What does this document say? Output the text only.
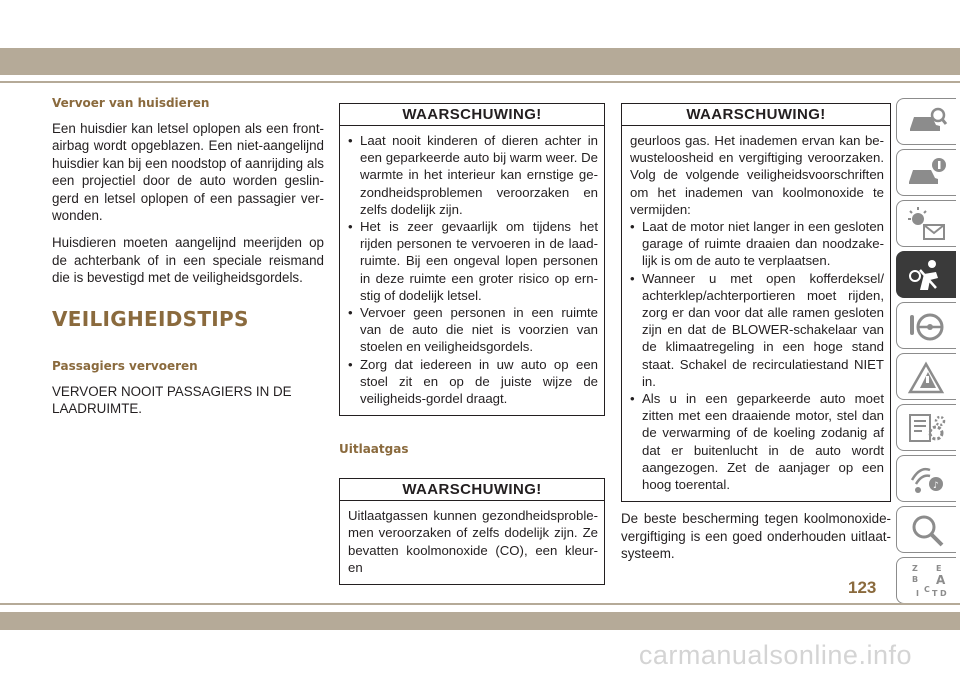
Vervoer van huisdieren

Een huisdier kan letsel oplopen als een front-airbag wordt opgeblazen. Een niet-aangelijnd huisdier kan bij een noodstop of aanrijding als een projectiel door de auto worden geslin-gerd en letsel oplopen of een passagier ver-wonden.

Huisdieren moeten aangelijnd meerijden op de achterbank of in een speciale reismand die is bevestigd met de veiligheidsgordels.

VEILIGHEIDSTIPS
Passagiers vervoeren

VERVOER NOOIT PASSAGIERS IN DE LAADRUIMTE.

WAARSCHUWING!
• Laat nooit kinderen of dieren achter in een geparkeerde auto bij warm weer. De warmte in het interieur kan ernstige ge-zondheidsproblemen veroorzaken en zelfs dodelijk zijn.
• Het is zeer gevaarlijk om tijdens het rijden personen te vervoeren in de laad-ruimte. Bij een ongeval lopen personen in deze ruimte een groter risico op ern-stig of dodelijk letsel.
• Vervoer geen personen in een ruimte van de auto die niet is voorzien van stoelen en veiligheidsgordels.
• Zorg dat iedereen in uw auto op een stoel zit en op de juiste wijze de veiligheids-gordel draagt.
Uitlaatgas
WAARSCHUWING!

Uitlaatgassen kunnen gezondheidsproble-men veroorzaken of zelfs dodelijk zijn. Ze bevatten koolmonoxide (CO), een kleur- en

WAARSCHUWING!

geurloos gas. Het inademen ervan kan be-wusteloosheid en vergiftiging veroorzaken. Volg de volgende veiligheidsvoorschriften om het inademen van koolmonoxide te vermijden:

• Laat de motor niet langer in een gesloten garage of ruimte draaien dan noodzake-lijk is om de auto te verplaatsen.
• Wanneer u met open kofferdeksel/ achterklep/achterportieren moet rijden, zorg er dan voor dat alle ramen gesloten zijn en dat de BLOWER-schakelaar van de klimaatregeling in een hoge stand staat. Schakel de recirculatiestand NIET in.
• Als u in een geparkeerde auto moet zitten met een draaiende motor, stel dan de verwarming of de koeling zodanig af dat er buitenlucht in de auto wordt aangezogen. Zet de aanjager op een hoog toerental.

De beste bescherming tegen koolmonoxide-vergiftiging is een goed onderhouden uitlaat-systeem.

♪
Z E
B A
C T
I	D
123
carmanualsonline.info
